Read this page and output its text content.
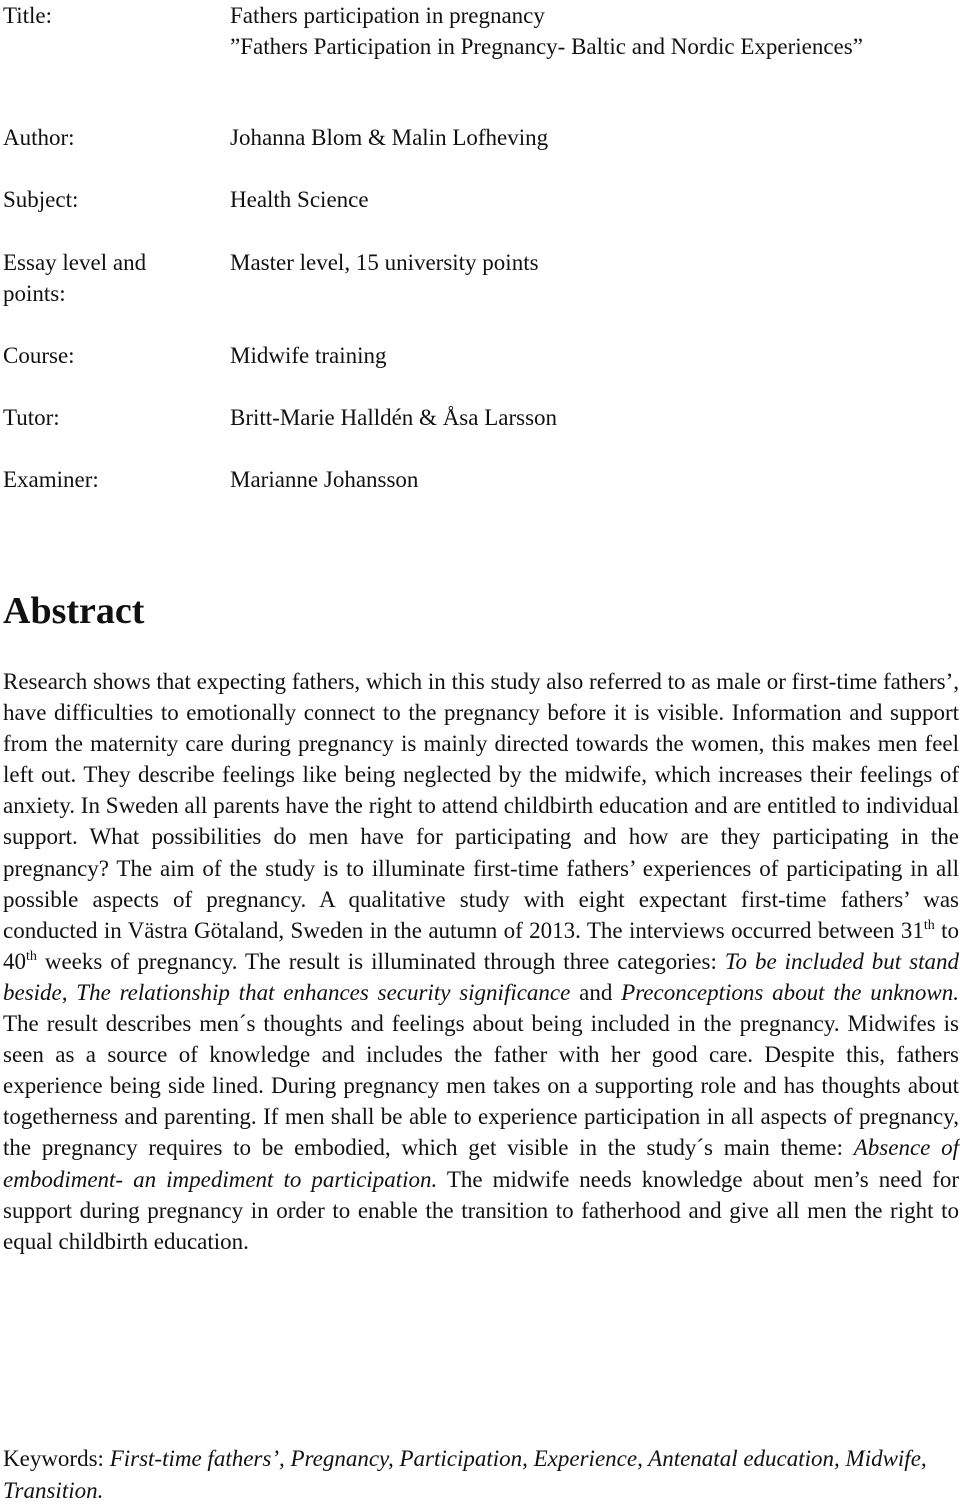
Title:	Fathers participation in pregnancy
”Fathers Participation in Pregnancy- Baltic and Nordic Experiences”
Author:	Johanna Blom & Malin Lofheving
Subject:	Health Science
Essay level and points:
Master level, 15 university points
Course:	Midwife training
Tutor:	Britt-Marie Halldén & Åsa Larsson
Examiner:	Marianne Johansson
Abstract

Research shows that expecting fathers, which in this study also referred to as male or first-time fathers’, have difficulties to emotionally connect to the pregnancy before it is visible. Information and support from the maternity care during pregnancy is mainly directed towards the women, this makes men feel left out. They describe feelings like being neglected by the midwife, which increases their feelings of anxiety. In Sweden all parents have the right to attend childbirth education and are entitled to individual support. What possibilities do men have for participating and how are they participating in the pregnancy? The aim of the study is to illuminate first-time fathers’ experiences of participating in all possible aspects of pregnancy. A qualitative study with eight expectant first-time fathers’ was conducted in Västra Götaland, Sweden in the autumn of 2013. The interviews occurred between 31th to 40th weeks of pregnancy. The result is illuminated through three categories: To be included but stand beside, The relationship that enhances security significance and Preconceptions about the unknown. The result describes men´s thoughts and feelings about being included in the pregnancy. Midwifes is seen as a source of knowledge and includes the father with her good care. Despite this, fathers experience being side lined. During pregnancy men takes on a supporting role and has thoughts about togetherness and parenting. If men shall be able to experience participation in all aspects of pregnancy, the pregnancy requires to be embodied, which get visible in the study´s main theme: Absence of embodiment- an impediment to participation. The midwife needs knowledge about men’s need for support during pregnancy in order to enable the transition to fatherhood and give all men the right to equal childbirth education.

Keywords: First-time fathers’, Pregnancy, Participation, Experience, Antenatal education, Midwife, Transition.
